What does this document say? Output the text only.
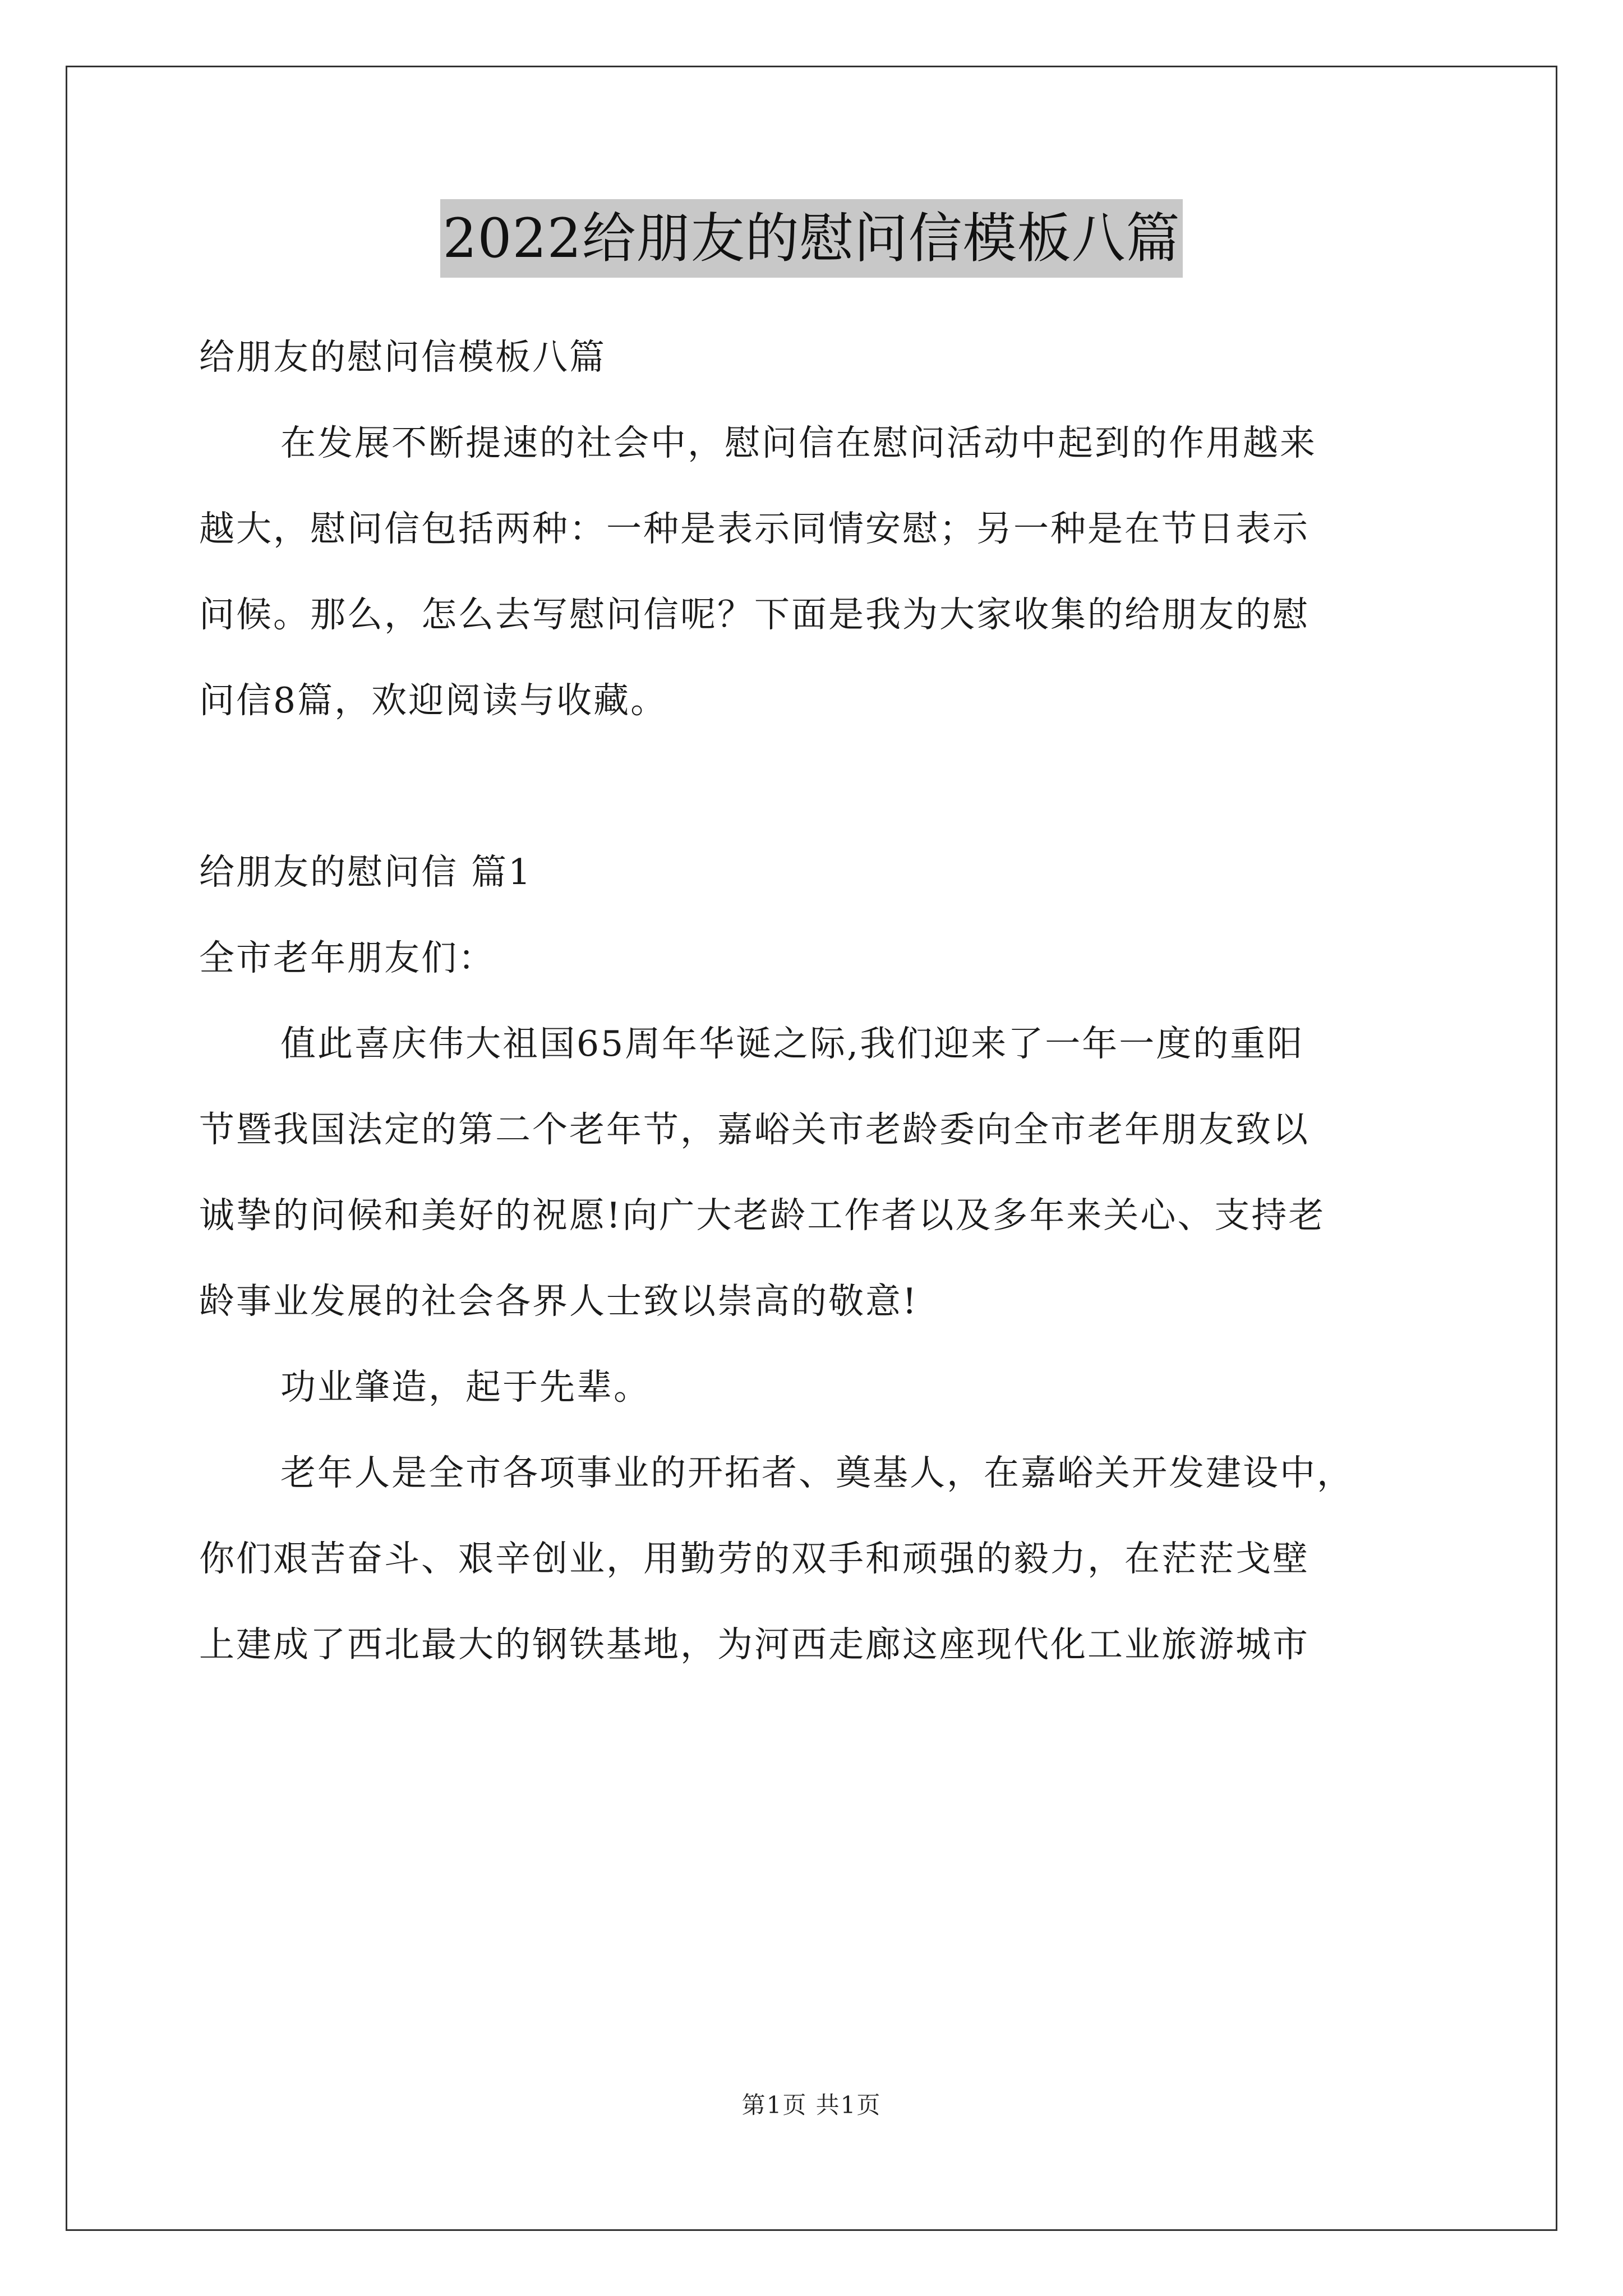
2022给朋友的慰问信模板八篇
给朋友的慰问信模板八篇
在发展不断提速的社会中，慰问信在慰问活动中起到的作用越来
越大，慰问信包括两种：一种是表示同情安慰；另一种是在节日表示
问候。那么，怎么去写慰问信呢？下面是我为大家收集的给朋友的慰
问信8篇，欢迎阅读与收藏。
给朋友的慰问信 篇1
全市老年朋友们：
值此喜庆伟大祖国65周年华诞之际,我们迎来了一年一度的重阳
节暨我国法定的第二个老年节，嘉峪关市老龄委向全市老年朋友致以
诚挚的问候和美好的祝愿!向广大老龄工作者以及多年来关心、支持老
龄事业发展的社会各界人士致以崇高的敬意!
功业肇造，起于先辈。
老年人是全市各项事业的开拓者、奠基人，在嘉峪关开发建设中，
你们艰苦奋斗、艰辛创业，用勤劳的双手和顽强的毅力，在茫茫戈壁
上建成了西北最大的钢铁基地，为河西走廊这座现代化工业旅游城市
第1页 共1页
